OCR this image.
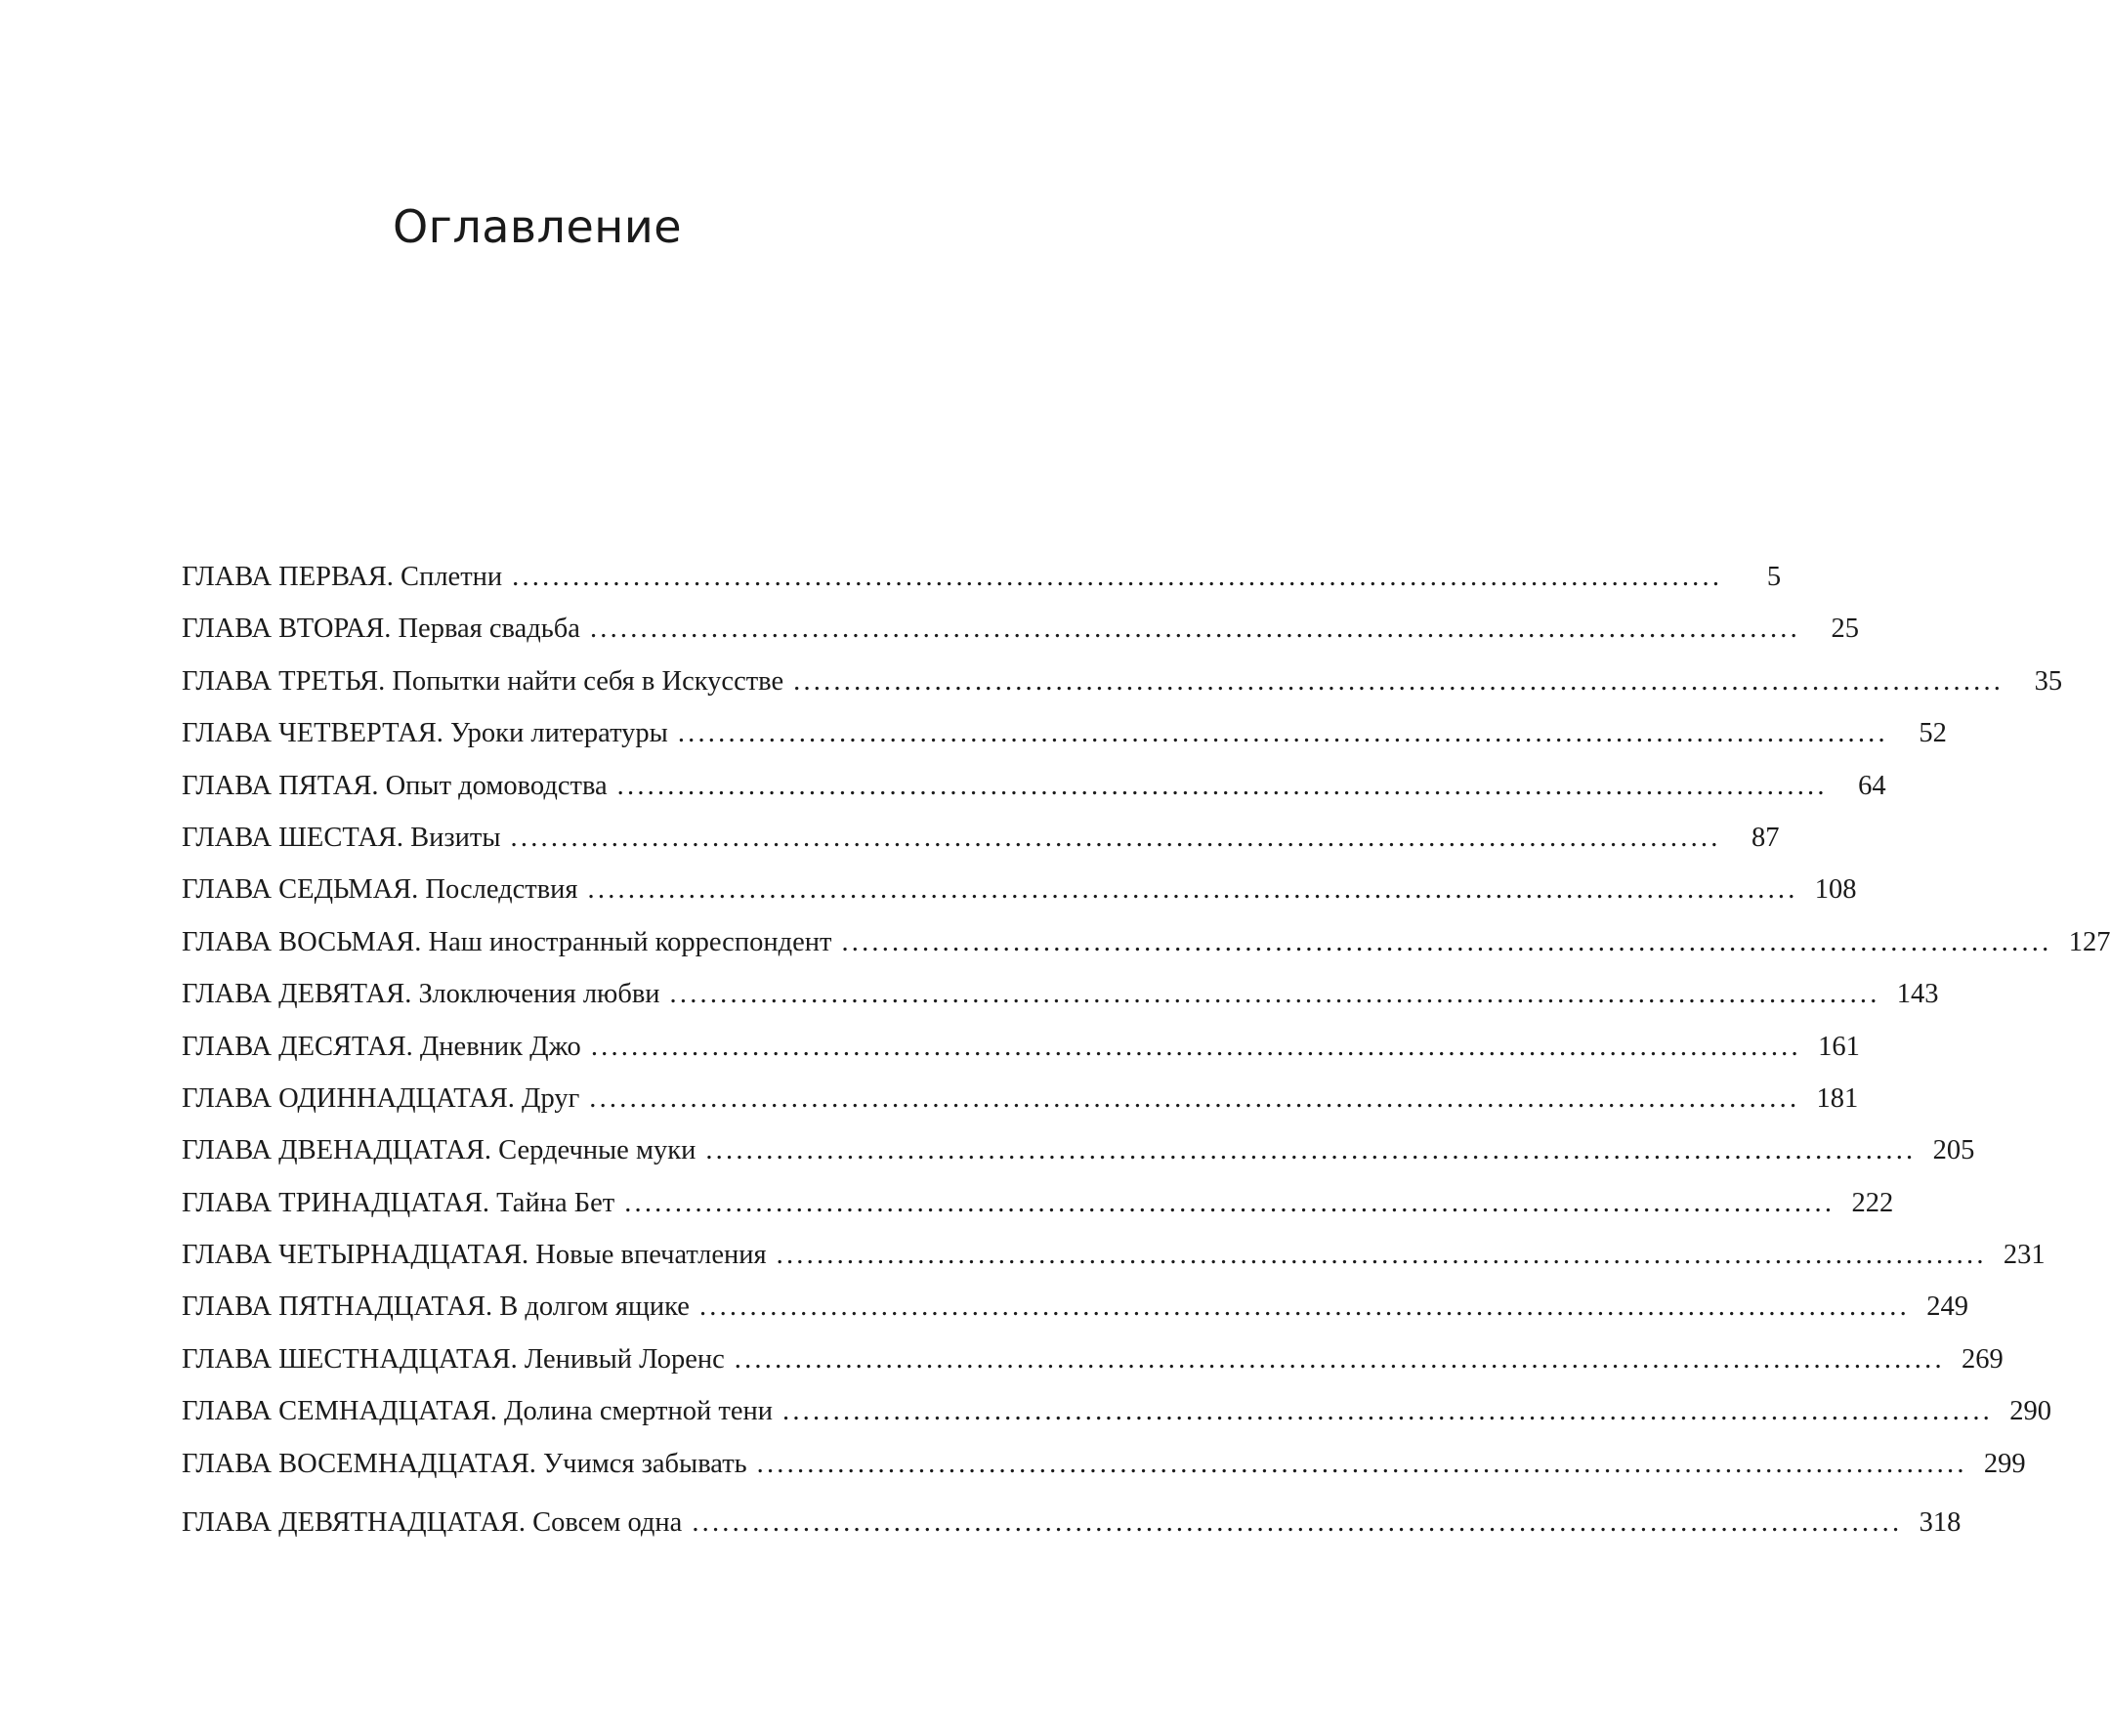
Оглавление
ГЛАВА ПЕРВАЯ. Сплетни ........................................................................................................................	5
ГЛАВА ВТОРАЯ. Первая свадьба ........................................................................................................................	25
ГЛАВА ТРЕТЬЯ. Попытки найти себя в Искусстве ........................................................................................................................	35
ГЛАВА ЧЕТВЕРТАЯ. Уроки литературы ........................................................................................................................	52
ГЛАВА ПЯТАЯ. Опыт домоводства ........................................................................................................................	64
ГЛАВА ШЕСТАЯ. Визиты ........................................................................................................................	87
ГЛАВА СЕДЬМАЯ. Последствия ........................................................................................................................ 108
ГЛАВА ВОСЬМАЯ. Наш иностранный корреспондент ........................................................................................................................ 127
ГЛАВА ДЕВЯТАЯ. Злоключения любви ........................................................................................................................ 143
ГЛАВА ДЕСЯТАЯ. Дневник Джо ........................................................................................................................ 161
ГЛАВА ОДИННАДЦАТАЯ. Друг ........................................................................................................................ 181
ГЛАВА ДВЕНАДЦАТАЯ. Сердечные муки ........................................................................................................................ 205
ГЛАВА ТРИНАДЦАТАЯ. Тайна Бет ........................................................................................................................ 222
ГЛАВА ЧЕТЫРНАДЦАТАЯ. Новые впечатления ........................................................................................................................ 231
ГЛАВА ПЯТНАДЦАТАЯ. В долгом ящике ........................................................................................................................ 249
ГЛАВА ШЕСТНАДЦАТАЯ. Ленивый Лоренс ........................................................................................................................ 269
ГЛАВА СЕМНАДЦАТАЯ. Долина смертной тени ........................................................................................................................ 290
ГЛАВА ВОСЕМНАДЦАТАЯ. Учимся забывать ........................................................................................................................ 299
ГЛАВА ДЕВЯТНАДЦАТАЯ. Совсем одна ........................................................................................................................ 318
